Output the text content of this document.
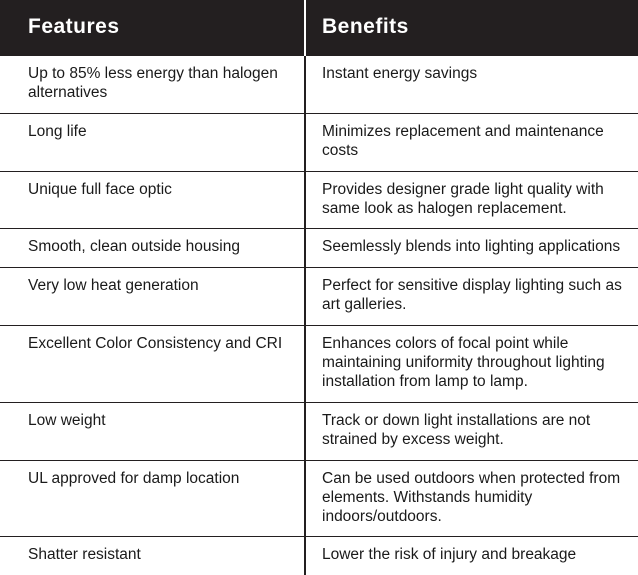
Features	Benefits

Up to 85% less energy than halogen alternatives	Instant energy savings

Long life	Minimizes replacement and maintenance costs

Unique full face optic	Provides designer grade light quality with same look as halogen replacement.

Smooth, clean outside housing	Seemlessly blends into lighting applications

Very low heat generation	Perfect for sensitive display lighting such as art galleries.

Excellent Color Consistency and CRI	Enhances colors of focal point while maintaining uniformity throughout lighting installation from lamp to lamp.

Low weight	Track or down light installations are not strained by excess weight.

UL approved for damp location	Can be used outdoors when protected from elements. Withstands humidity indoors/outdoors.

Shatter resistant	Lower the risk of injury and breakage
